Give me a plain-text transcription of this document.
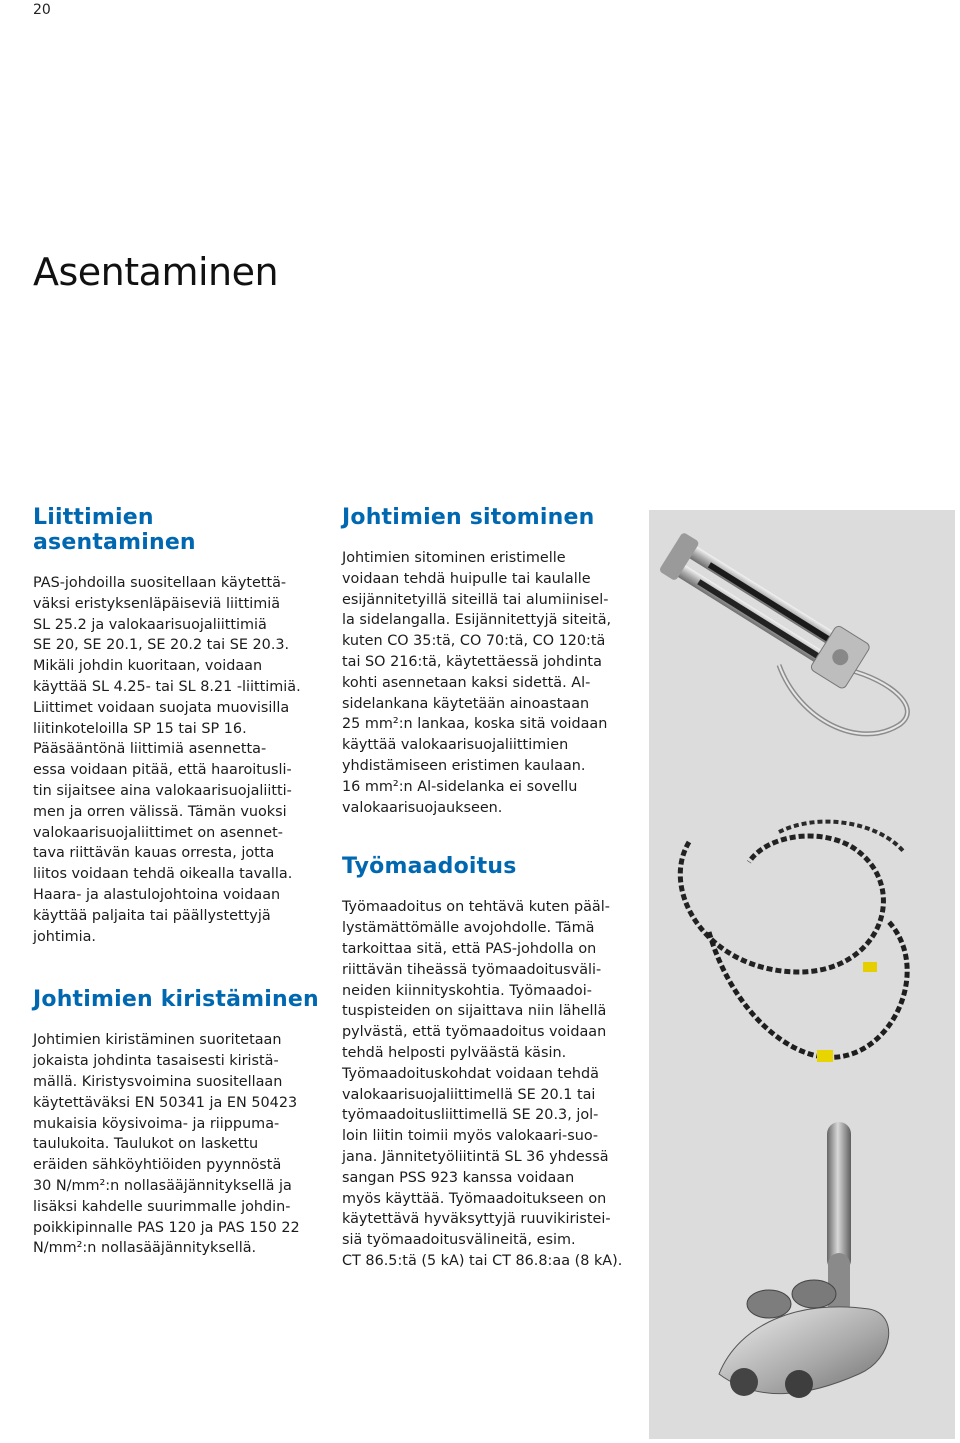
20
Asentaminen
Liittimien asentaminen
PAS-johdoilla suositellaan käytettä-
väksi eristyksenläpäiseviä liittimiä
SL 25.2 ja valokaarisuojaliittimiä
SE 20, SE 20.1, SE 20.2 tai SE 20.3.
Mikäli johdin kuoritaan, voidaan
käyttää SL 4.25- tai SL 8.21 -liittimiä.
Liittimet voidaan suojata muovisilla
liitinkoteloilla SP 15 tai SP 16.
Pääsääntönä liittimiä asennetta-
essa voidaan pitää, että haaroitusli-
tin sijaitsee aina valokaarisuojaliitti-
men ja orren välissä. Tämän vuoksi
valokaarisuojaliittimet on asennet-
tava riittävän kauas orresta, jotta
liitos voidaan tehdä oikealla tavalla.
Haara- ja alastulojohtoina voidaan
käyttää paljaita tai päällystettyjä
johtimia.
Johtimien kiristäminen
Johtimien kiristäminen suoritetaan
jokaista johdinta tasaisesti kiristä-
mällä. Kiristysvoimina suositellaan
käytettäväksi EN 50341 ja EN 50423
mukaisia köysivoima- ja riippuma-
taulukoita. Taulukot on laskettu
eräiden sähköyhtiöiden pyynnöstä
30 N/mm²:n nollasääjännityksellä ja
lisäksi kahdelle suurimmalle johdin-
poikkipinnalle PAS 120 ja PAS 150 22
N/mm²:n nollasääjännityksellä.
Johtimien sitominen
Johtimien sitominen eristimelle
voidaan tehdä huipulle tai kaulalle
esijännitetyillä siteillä tai alumiinisel-
la sidelangalla. Esijännitettyjä siteitä,
kuten CO 35:tä, CO 70:tä, CO 120:tä
tai SO 216:tä, käytettäessä johdinta
kohti asennetaan kaksi sidettä. Al-
sidelankana käytetään ainoastaan
25 mm²:n lankaa, koska sitä voidaan
käyttää valokaarisuojaliittimien
yhdistämiseen eristimen kaulaan.
16 mm²:n Al-sidelanka ei sovellu
valokaarisuojaukseen.
Työmaadoitus
Työmaadoitus on tehtävä kuten pääl-
lystämättömälle avojohdolle. Tämä
tarkoittaa sitä, että PAS-johdolla on
riittävän tiheässä työmaadoitusväli-
neiden kiinnityskohtia. Työmaadoi-
tuspisteiden on sijaittava niin lähellä
pylvästä, että työmaadoitus voidaan
tehdä helposti pylväästä käsin.
Työmaadoituskohdat voidaan tehdä
valokaarisuojaliittimellä SE 20.1 tai
työmaadoitusliittimellä SE 20.3, jol-
loin liitin toimii myös valokaari-suo-
jana. Jännitetyöliitintä SL 36 yhdessä
sangan PSS 923 kanssa voidaan
myös käyttää. Työmaadoitukseen on
käytettävä hyväksyttyjä ruuvikiristei-
siä työmaadoitusvälineitä, esim.
CT 86.5:tä (5 kA) tai CT 86.8:aa (8 kA).
